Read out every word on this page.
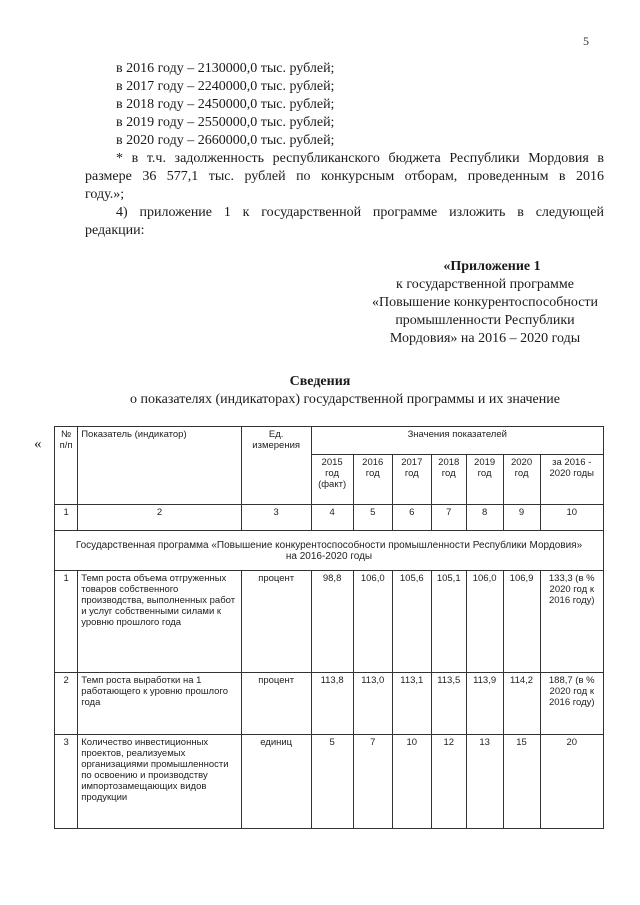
5
в 2016 году – 2130000,0 тыс. рублей;
в 2017 году – 2240000,0 тыс. рублей;
в 2018 году – 2450000,0 тыс. рублей;
в 2019 году – 2550000,0 тыс. рублей;
в 2020 году – 2660000,0 тыс. рублей;
* в т.ч. задолженность республиканского бюджета Республики Мордовия в
размере 36 577,1 тыс. рублей по конкурсным отборам, проведенным в 2016
году.»;
4) приложение 1 к государственной программе изложить в следующей
редакции:
«Приложение 1
к государственной программе
«Повышение конкурентоспособности
промышленности Республики
Мордовия» на 2016 – 2020 годы
Сведения
о показателях (индикаторах) государственной программы и их значение
«
№ п/п	Показатель (индикатор)	Ед. измерения	Значения показателей						
			2015 год (факт)	2016 год	2017 год	2018 год	2019 год	2020 год	за 2016 - 2020 годы
1	2	3	4	5	6	7	8	9	10
Государственная программа «Повышение конкурентоспособности промышленности Республики Мордовия» на 2016-2020 годы									
1	Темп роста объема отгруженных товаров собственного производства, выполненных работ и услуг собственными силами к уровню прошлого года	процент	98,8	106,0	105,6	105,1	106,0	106,9	133,3 (в % 2020 год к 2016 году)
2	Темп роста выработки на 1 работающего к уровню прошлого года	процент	113,8	113,0	113,1	113,5	113,9	114,2	188,7 (в % 2020 год к 2016 году)
3	Количество инвестиционных проектов, реализуемых организациями промышленности по освоению и производству импортозамещающих видов продукции	единиц	5	7	10	12	13	15	20
